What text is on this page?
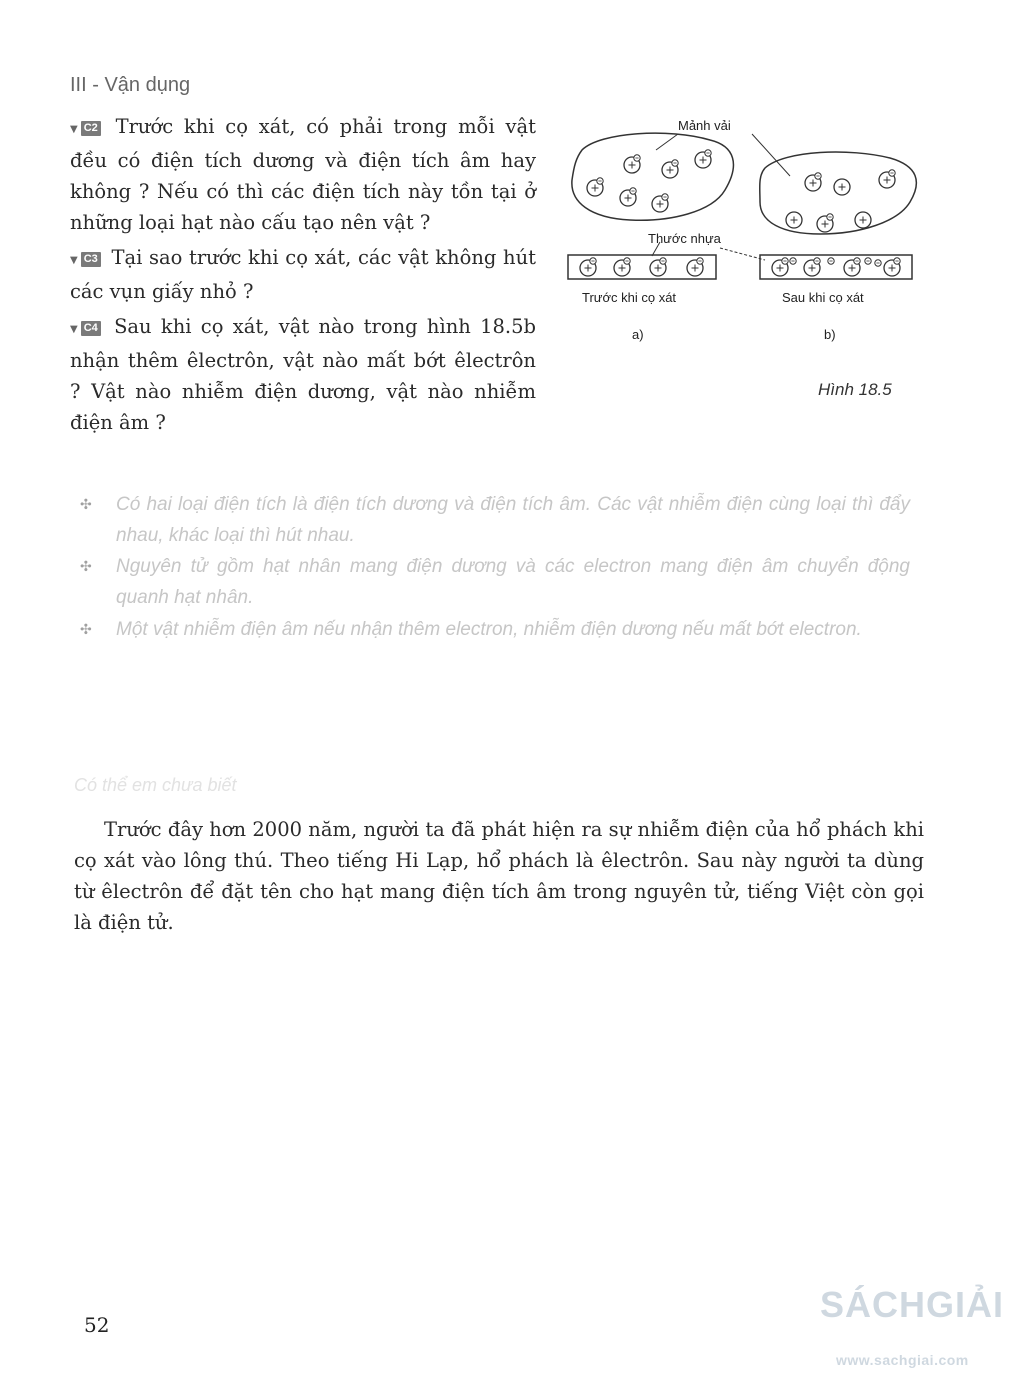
III - Vận dụng
▼ C2 Trước khi cọ xát, có phải trong mỗi vật đều có điện tích dương và điện tích âm hay không ? Nếu có thì các điện tích này tồn tại ở những loại hạt nào cấu tạo nên vật ?
▼ C3 Tại sao trước khi cọ xát, các vật không hút các vụn giấy nhỏ ?
▼ C4 Sau khi cọ xát, vật nào trong hình 18.5b nhận thêm êlectrôn, vật nào mất bớt êlectrôn ? Vật nào nhiễm điện dương, vật nào nhiễm điện âm ?
Mảnh vải
Thước nhựa
Trước khi cọ xát	Sau khi cọ xát
a)	b)
Hình 18.5
✣ Có hai loại điện tích là điện tích dương và điện tích âm. Các vật nhiễm điện cùng loại thì đẩy nhau, khác loại thì hút nhau.
✣ Nguyên tử gồm hạt nhân mang điện dương và các electron mang điện âm chuyển động quanh hạt nhân.
✣ Một vật nhiễm điện âm nếu nhận thêm electron, nhiễm điện dương nếu mất bớt electron.
Có thể em chưa biết
Trước đây hơn 2000 năm, người ta đã phát hiện ra sự nhiễm điện của hổ phách khi cọ xát vào lông thú. Theo tiếng Hi Lạp, hổ phách là êlectrôn. Sau này người ta dùng từ êlectrôn để đặt tên cho hạt mang điện tích âm trong nguyên tử, tiếng Việt còn gọi là điện tử.
52	SÁCHGIẢI
www.sachgiai.com
